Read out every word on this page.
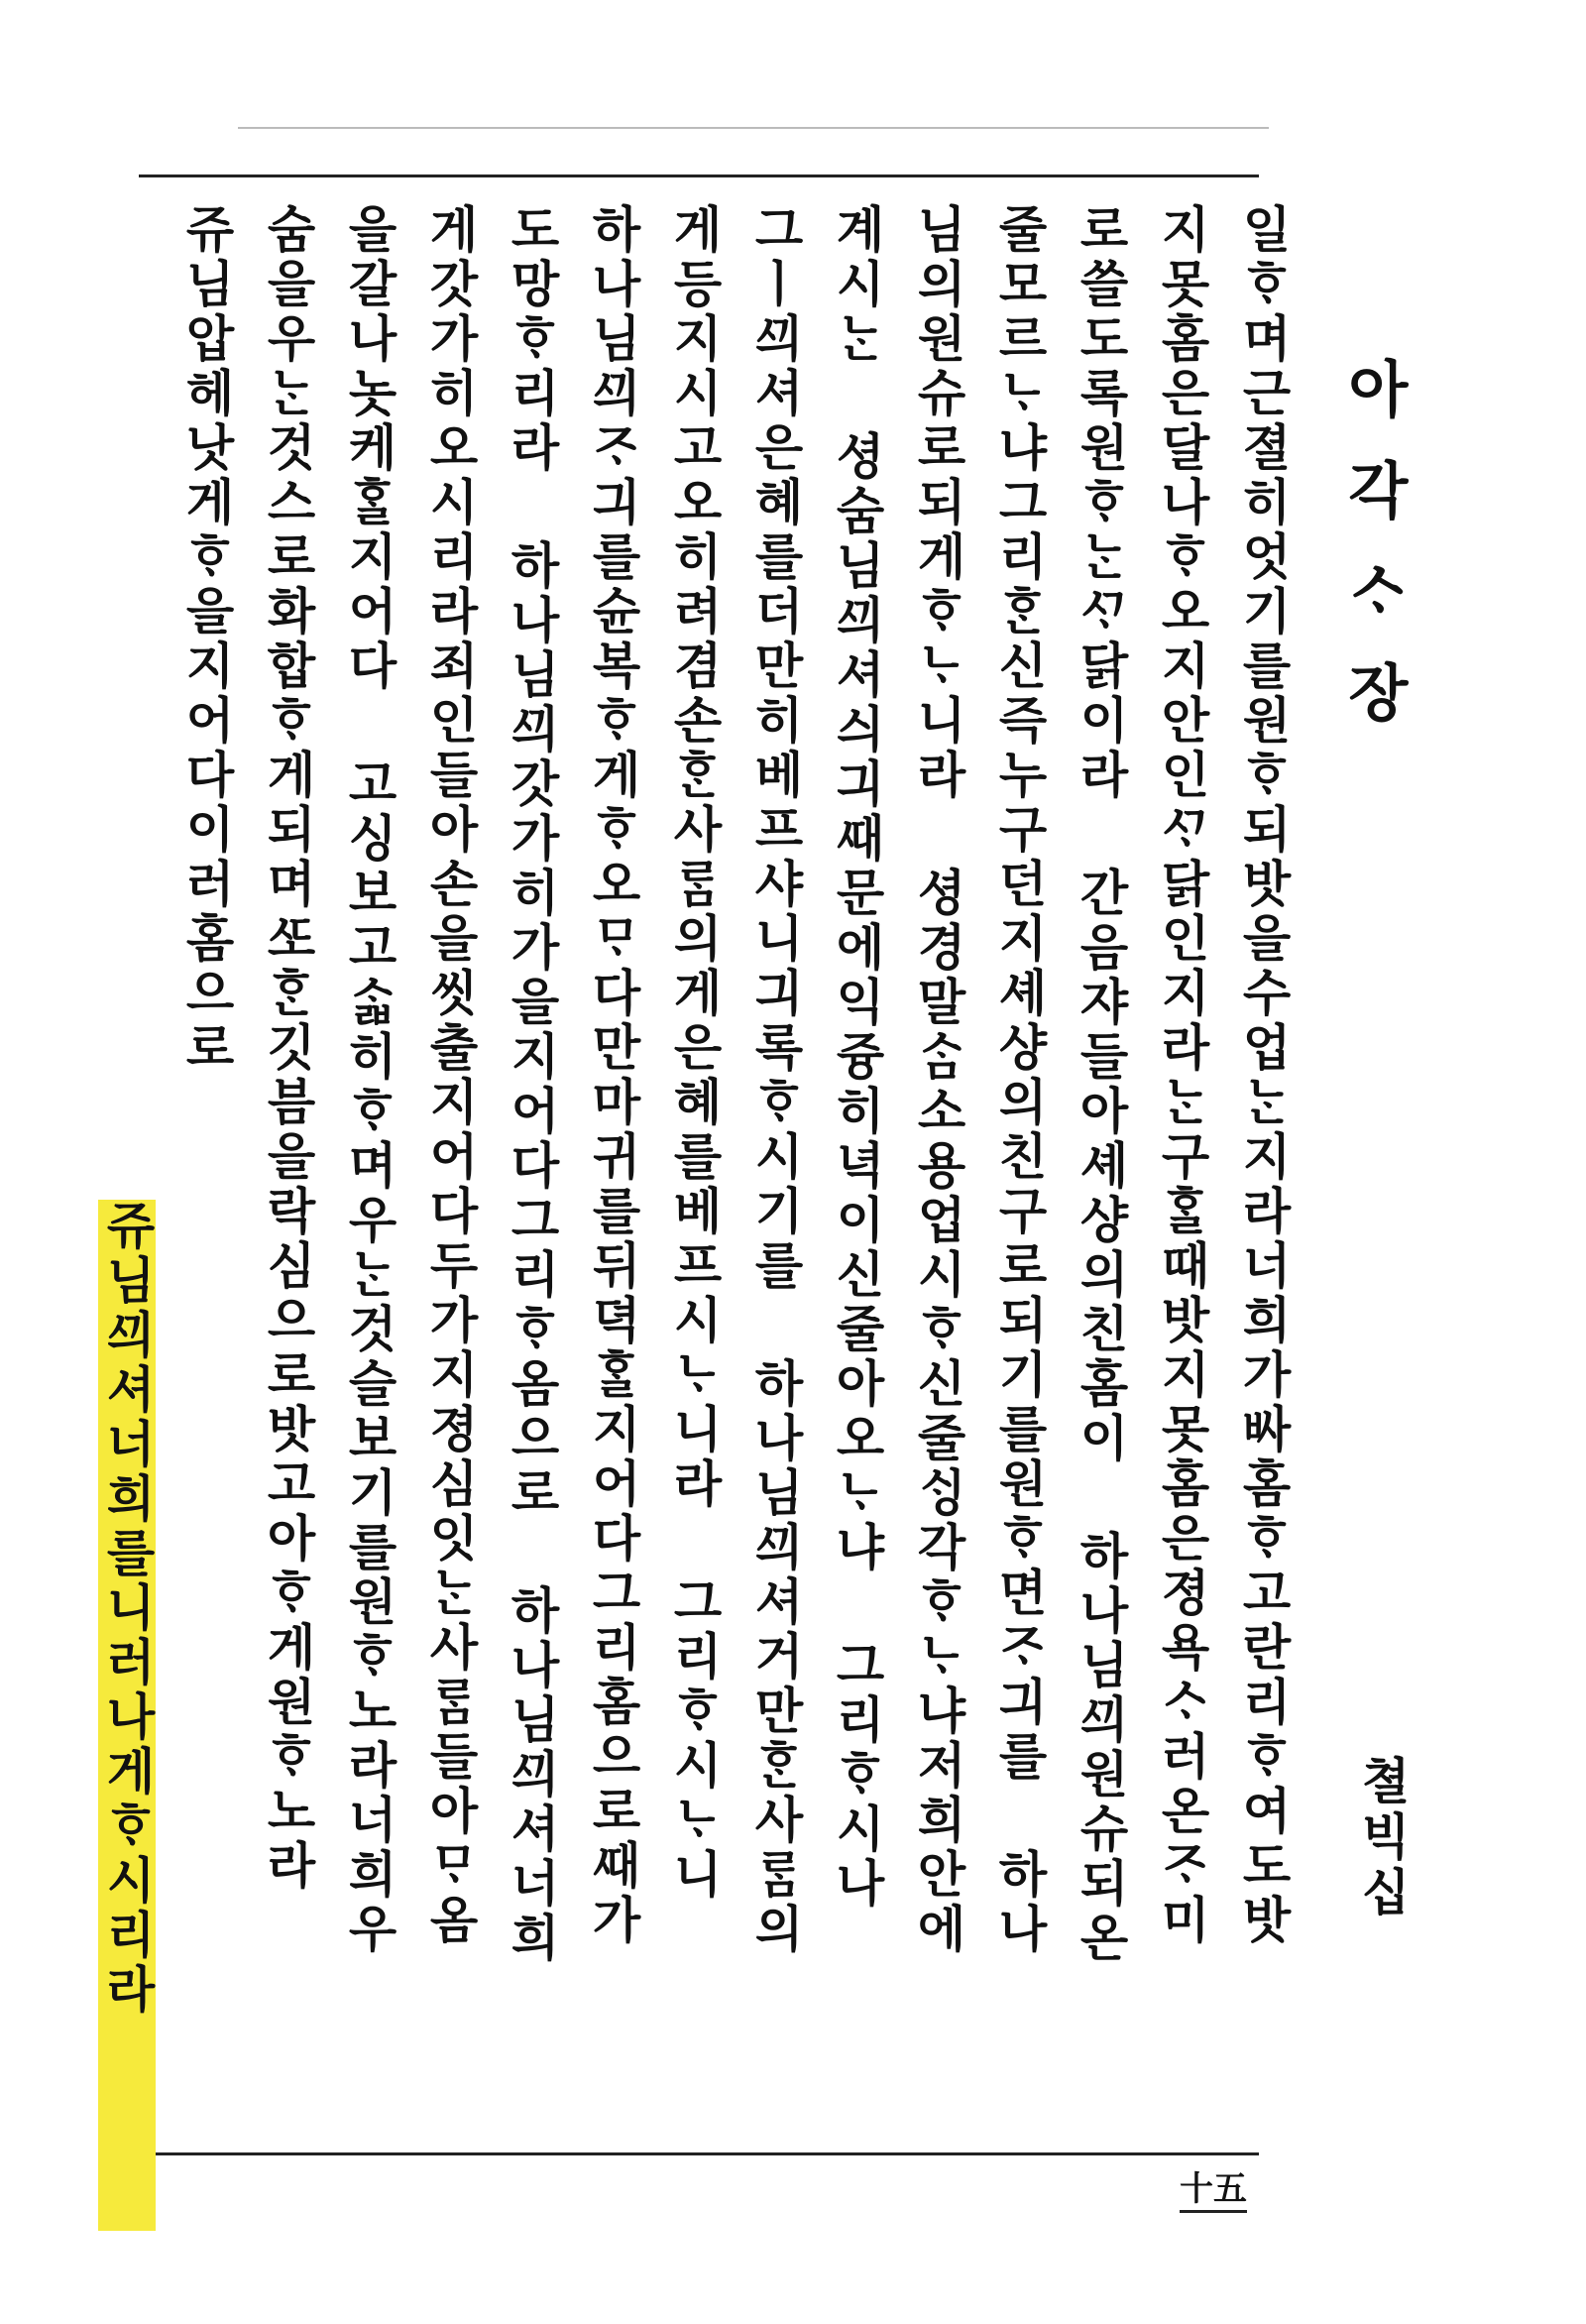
아각ᄉᆞ장
쳘빅십
十五
일ᄒᆞ며근졀히엇기를원ᄒᆞ되밧을수업ᄂᆞᆫ지라너희가ᄡᅡ홈ᄒᆞ고란리ᄒᆞ여도밧
지못홈은달나ᄒᆞ오지안인ᄭᆞ닭인지라ᄂᆞᆫ구ᄒᆞᆯ때밧지못홈은졍욕ᄉᆞ러온ᄌᆞ미
로쓸도록원ᄒᆞᄂᆞᆫᄭᆞ닭이라 간음쟈들아셰샹의친홈이 하나님ᄭᅴ원슈되온
줄모르ᄂᆞ냐그리ᄒᆞᆫ신즉누구던지셰샹의친구로되기를원ᄒᆞ면ᄌᆞ긔를 하나
님의원슈로되게ᄒᆞᄂᆞ니라 셩경말ᄉᆞᆷ소용업시ᄒᆞ신줄ᄉᆡᆼ각ᄒᆞᄂᆞ냐저희안에
계시ᄂᆞᆫ 셩숨님ᄭᅴ셔싀긔ᄯᅢ문에익즁히녁이신줄아오ᄂᆞ냐 그리ᄒᆞ시나
그ㅣᄭᅴ셔은혜를더만히베프샤니긔록ᄒᆞ시기를 하나님ᄭᅴ셔거만ᄒᆞᆫ사ᄅᆞᆷ의
게등지시고오히려겸손ᄒᆞᆫ사ᄅᆞᆷ의게은혜를베프시ᄂᆞ니라 그리ᄒᆞ시ᄂᆞ니
하나님ᄭᅴᄌᆞ긔를슌복ᄒᆞ게ᄒᆞ오ᄆᆞ다만마귀를뒤뎍ᄒᆞᆯ지어다그리홈으로ᄯᅢ가
도망ᄒᆞ리라 하나님ᄭᅴ갓가히가을지어다그리ᄒᆞ옴으로 하나님ᄭᅴ셔너희
게갓가히오시리라죄인들아손을씻출지어다두가지졍심잇ᄂᆞᆫ사ᄅᆞᆷ들아ᄆᆞ옴
을갈나놋케ᄒᆞᆯ지어다 고싱보고ᄉᆞᆲ히ᄒᆞ며우ᄂᆞᆫ것슬보기를원ᄒᆞ노라너희우
숨을우ᄂᆞᆫ것스로화합ᄒᆞ게되며ᄯᅩᄒᆞᆫ깃븜을락심으로밧고아ᄒᆞ게원ᄒᆞ노라
쥬님압헤낫게ᄒᆞ을지어다이러홈으로
쥬님ᄭᅴ셔너희를니러나게ᄒᆞ시리라
